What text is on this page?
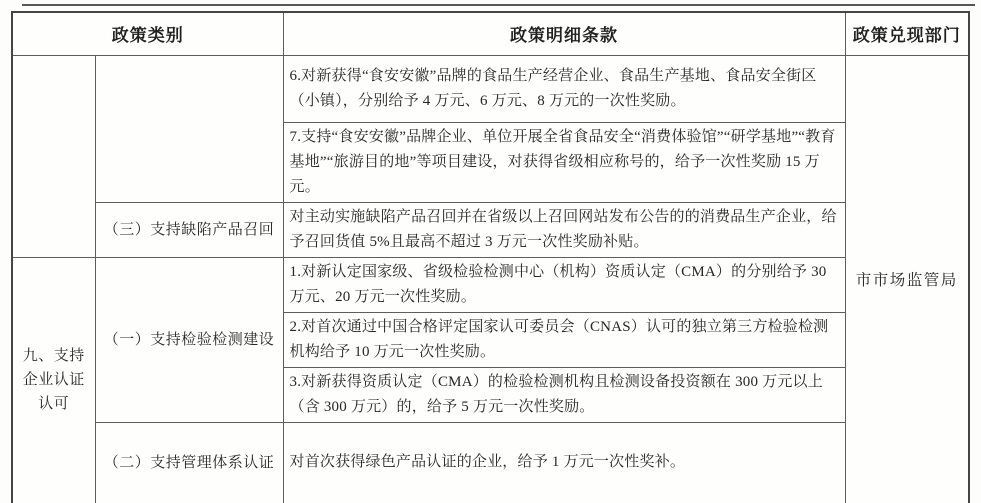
政策类别		政策明细条款	政策兑现部门
		6.对新获得“食安安徽”品牌的食品生产经营企业、食品生产基地、食品安全街区（小镇），分别给予 4 万元、6 万元、8 万元的一次性奖励。	市市场监管局
		7.支持“食安安徽”品牌企业、单位开展全省食品安全“消费体验馆”“研学基地”“教育基地”“旅游目的地”等项目建设，对获得省级相应称号的，给予一次性奖励 15 万元。	
	（三）支持缺陷产品召回	对主动实施缺陷产品召回并在省级以上召回网站发布公告的的消费品生产企业，给予召回货值 5%且最高不超过 3 万元一次性奖励补贴。	
九、支持企业认证认可	（一）支持检验检测建设	1.对新认定国家级、省级检验检测中心（机构）资质认定（CMA）的分别给予 30 万元、20 万元一次性奖励。	
		2.对首次通过中国合格评定国家认可委员会（CNAS）认可的独立第三方检验检测机构给予 10 万元一次性奖励。	
		3.对新获得资质认定（CMA）的检验检测机构且检测设备投资额在 300 万元以上（含 300 万元）的，给予 5 万元一次性奖励。	
	（二）支持管理体系认证	对首次获得绿色产品认证的企业，给予 1 万元一次性奖补。	
